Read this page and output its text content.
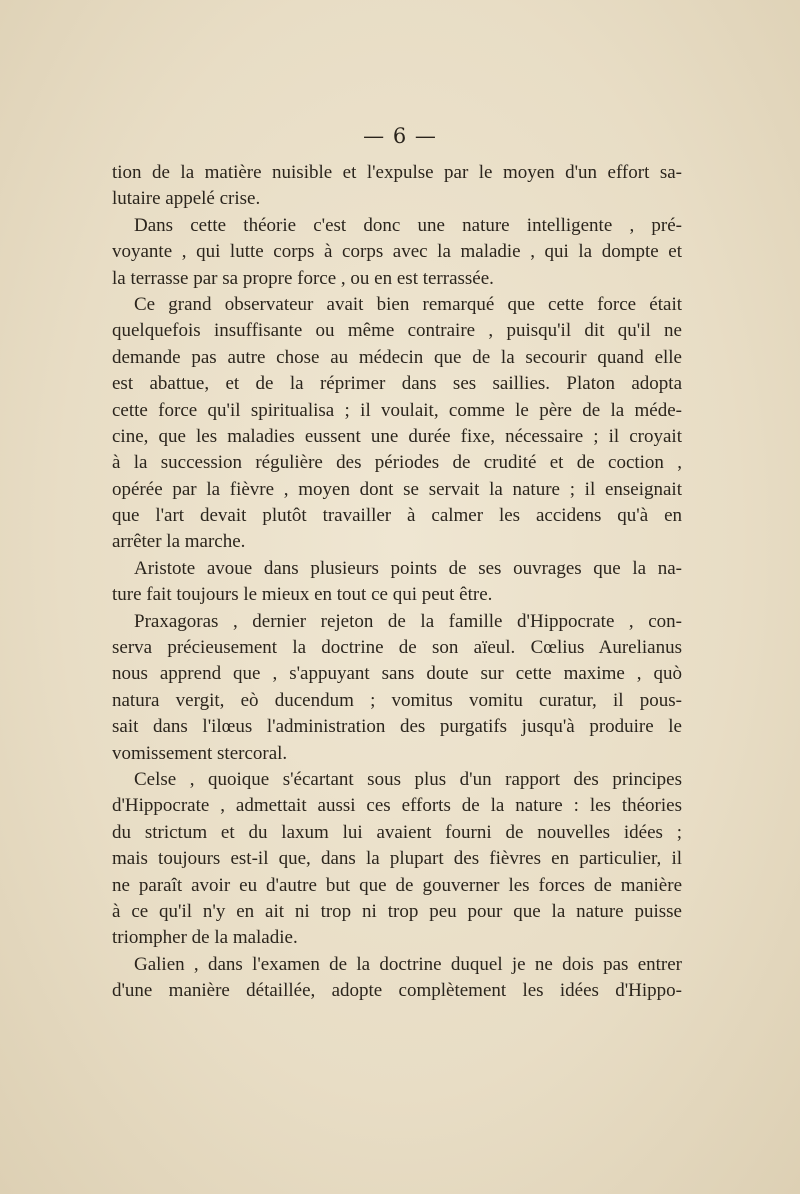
— 6 —
tion de la matière nuisible et l'expulse par le moyen d'un effort sa-
lutaire appelé crise.
Dans cette théorie c'est donc une nature intelligente , pré-
voyante , qui lutte corps à corps avec la maladie , qui la dompte et
la terrasse par sa propre force , ou en est terrassée.
Ce grand observateur avait bien remarqué que cette force était
quelquefois insuffisante ou même contraire , puisqu'il dit qu'il ne
demande pas autre chose au médecin que de la secourir quand elle
est abattue, et de la réprimer dans ses saillies. Platon adopta
cette force qu'il spiritualisa ; il voulait, comme le père de la méde-
cine, que les maladies eussent une durée fixe, nécessaire ; il croyait
à la succession régulière des périodes de crudité et de coction ,
opérée par la fièvre , moyen dont se servait la nature ; il enseignait
que l'art devait plutôt travailler à calmer les accidens qu'à en
arrêter la marche.
Aristote avoue dans plusieurs points de ses ouvrages que la na-
ture fait toujours le mieux en tout ce qui peut être.
Praxagoras , dernier rejeton de la famille d'Hippocrate , con-
serva précieusement la doctrine de son aïeul. Cœlius Aurelianus
nous apprend que , s'appuyant sans doute sur cette maxime , quò
natura vergit, eò ducendum ; vomitus vomitu curatur, il pous-
sait dans l'ilœus l'administration des purgatifs jusqu'à produire le
vomissement stercoral.
Celse , quoique s'écartant sous plus d'un rapport des principes
d'Hippocrate , admettait aussi ces efforts de la nature : les théories
du strictum et du laxum lui avaient fourni de nouvelles idées ;
mais toujours est-il que, dans la plupart des fièvres en particulier, il
ne paraît avoir eu d'autre but que de gouverner les forces de manière
à ce qu'il n'y en ait ni trop ni trop peu pour que la nature puisse
triompher de la maladie.
Galien , dans l'examen de la doctrine duquel je ne dois pas entrer
d'une manière détaillée, adopte complètement les idées d'Hippo-
